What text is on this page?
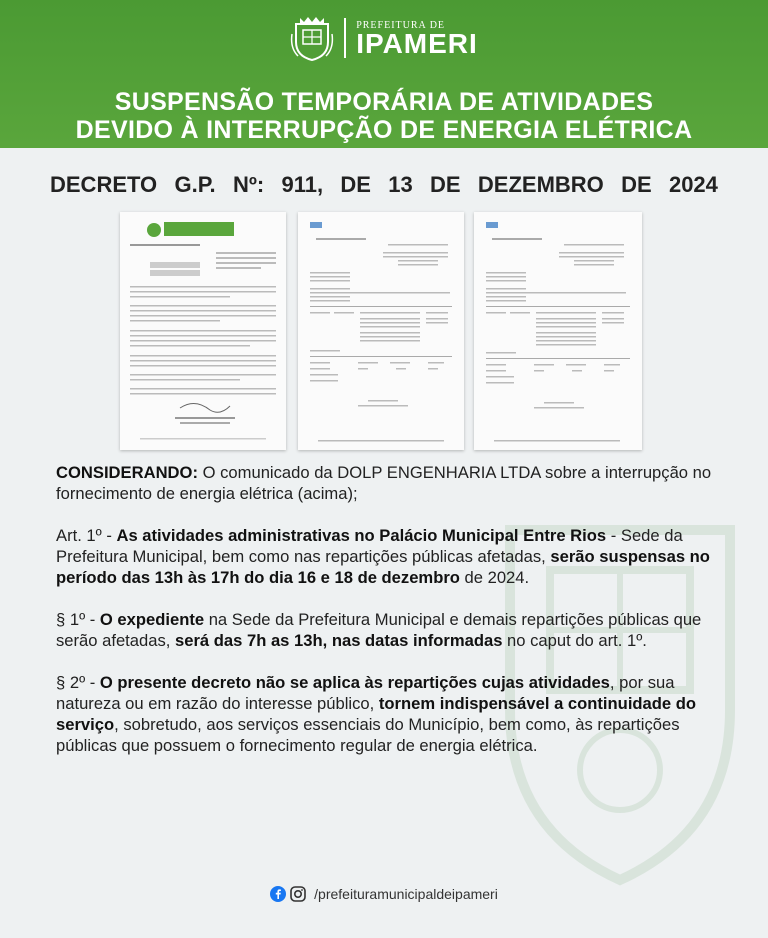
PREFEITURA DE
IPAMERI
SUSPENSÃO TEMPORÁRIA DE ATIVIDADES
DEVIDO À INTERRUPÇÃO DE ENERGIA ELÉTRICA
DECRETO G.P. Nº: 911, DE 13 DE DEZEMBRO DE 2024

CONSIDERANDO: O comunicado da DOLP ENGENHARIA LTDA sobre a interrupção no fornecimento de energia elétrica (acima);

Art. 1º - As atividades administrativas no Palácio Municipal Entre Rios - Sede da Prefeitura Municipal, bem como nas repartições públicas afetadas, serão suspensas no período das 13h às 17h do dia 16 e 18 de dezembro de 2024.

§ 1º - O expediente na Sede da Prefeitura Municipal e demais repartições públicas que serão afetadas, será das 7h as 13h, nas datas informadas no caput do art. 1º.

§ 2º - O presente decreto não se aplica às repartições cujas atividades, por sua natureza ou em razão do interesse público, tornem indispensável a continuidade do serviço, sobretudo, aos serviços essenciais do Município, bem como, às repartições públicas que possuem o fornecimento regular de energia elétrica.

/prefeituramunicipaldeipameri
